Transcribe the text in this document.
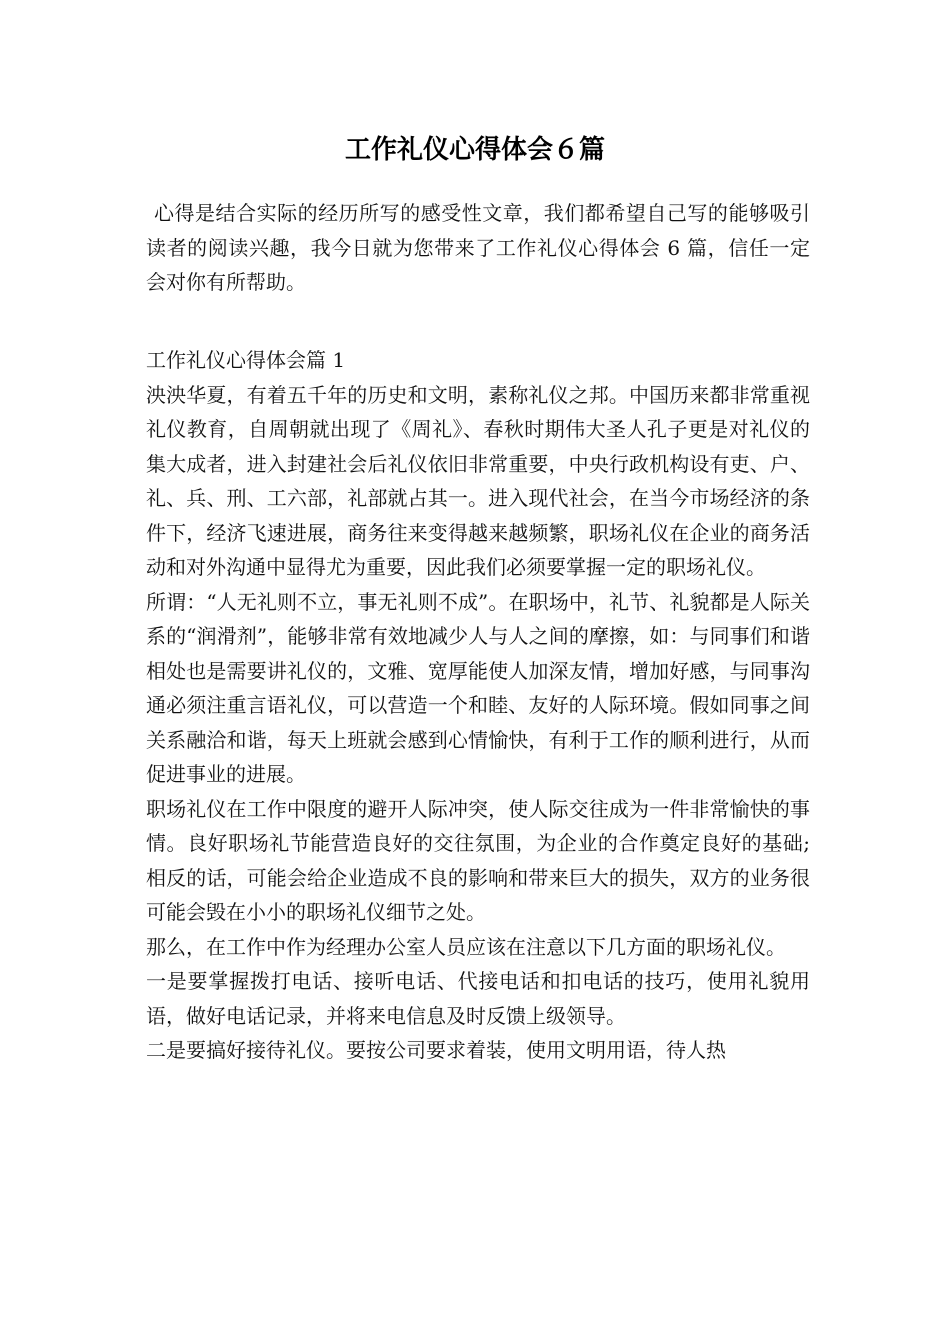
工作礼仪心得体会６篇

心得是结合实际的经历所写的感受性文章，我们都希望自己写的能够吸引读者的阅读兴趣，我今日就为您带来了工作礼仪心得体会 6 篇，信任一定会对你有所帮助。

工作礼仪心得体会篇 1

泱泱华夏，有着五千年的历史和文明，素称礼仪之邦。中国历来都非常重视礼仪教育，自周朝就出现了《周礼》、春秋时期伟大圣人孔子更是对礼仪的集大成者，进入封建社会后礼仪依旧非常重要，中央行政机构设有吏、户、礼、兵、刑、工六部，礼部就占其一。进入现代社会，在当今市场经济的条件下，经济飞速进展，商务往来变得越来越频繁，职场礼仪在企业的商务活动和对外沟通中显得尤为重要，因此我们必须要掌握一定的职场礼仪。

所谓：“人无礼则不立，事无礼则不成”。在职场中，礼节、礼貌都是人际关系的“润滑剂”，能够非常有效地减少人与人之间的摩擦，如：与同事们和谐相处也是需要讲礼仪的，文雅、宽厚能使人加深友情，增加好感，与同事沟通必须注重言语礼仪，可以营造一个和睦、友好的人际环境。假如同事之间关系融洽和谐，每天上班就会感到心情愉快，有利于工作的顺利进行，从而促进事业的进展。

职场礼仪在工作中限度的避开人际冲突，使人际交往成为一件非常愉快的事情。良好职场礼节能营造良好的交往氛围，为企业的合作奠定良好的基础;相反的话，可能会给企业造成不良的影响和带来巨大的损失，双方的业务很可能会毁在小小的职场礼仪细节之处。

那么，在工作中作为经理办公室人员应该在注意以下几方面的职场礼仪。

一是要掌握拨打电话、接听电话、代接电话和扣电话的技巧，使用礼貌用语，做好电话记录，并将来电信息及时反馈上级领导。

二是要搞好接待礼仪。要按公司要求着装，使用文明用语，待人热
